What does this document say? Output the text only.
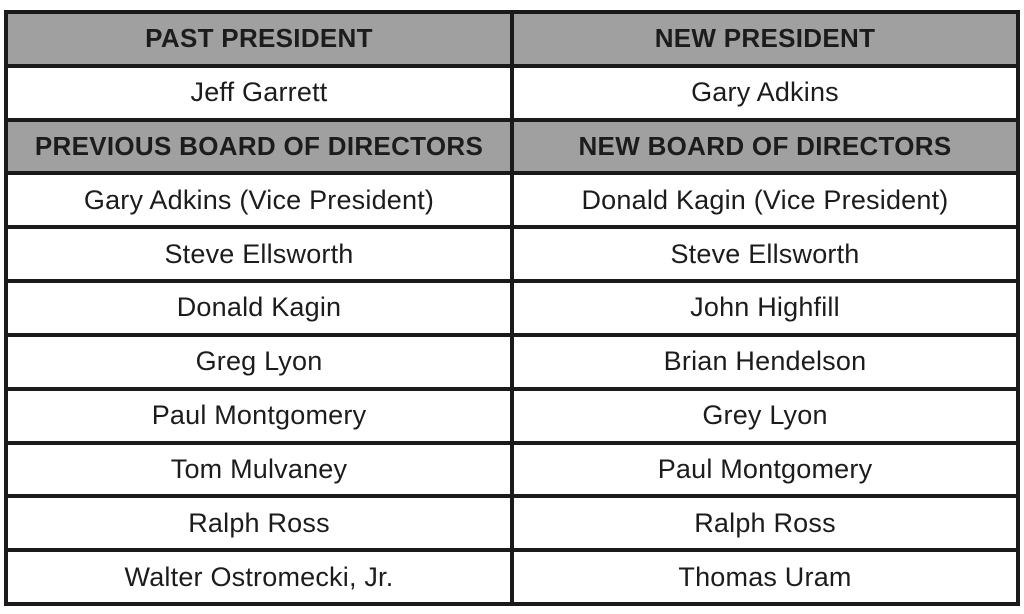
PAST PRESIDENT	NEW PRESIDENT
Jeff Garrett	Gary Adkins
PREVIOUS BOARD OF DIRECTORS	NEW BOARD OF DIRECTORS
Gary Adkins (Vice President)	Donald Kagin (Vice President)
Steve Ellsworth	Steve Ellsworth
Donald Kagin	John Highfill
Greg Lyon	Brian Hendelson
Paul Montgomery	Grey Lyon
Tom Mulvaney	Paul Montgomery
Ralph Ross	Ralph Ross
Walter Ostromecki, Jr.	Thomas Uram
